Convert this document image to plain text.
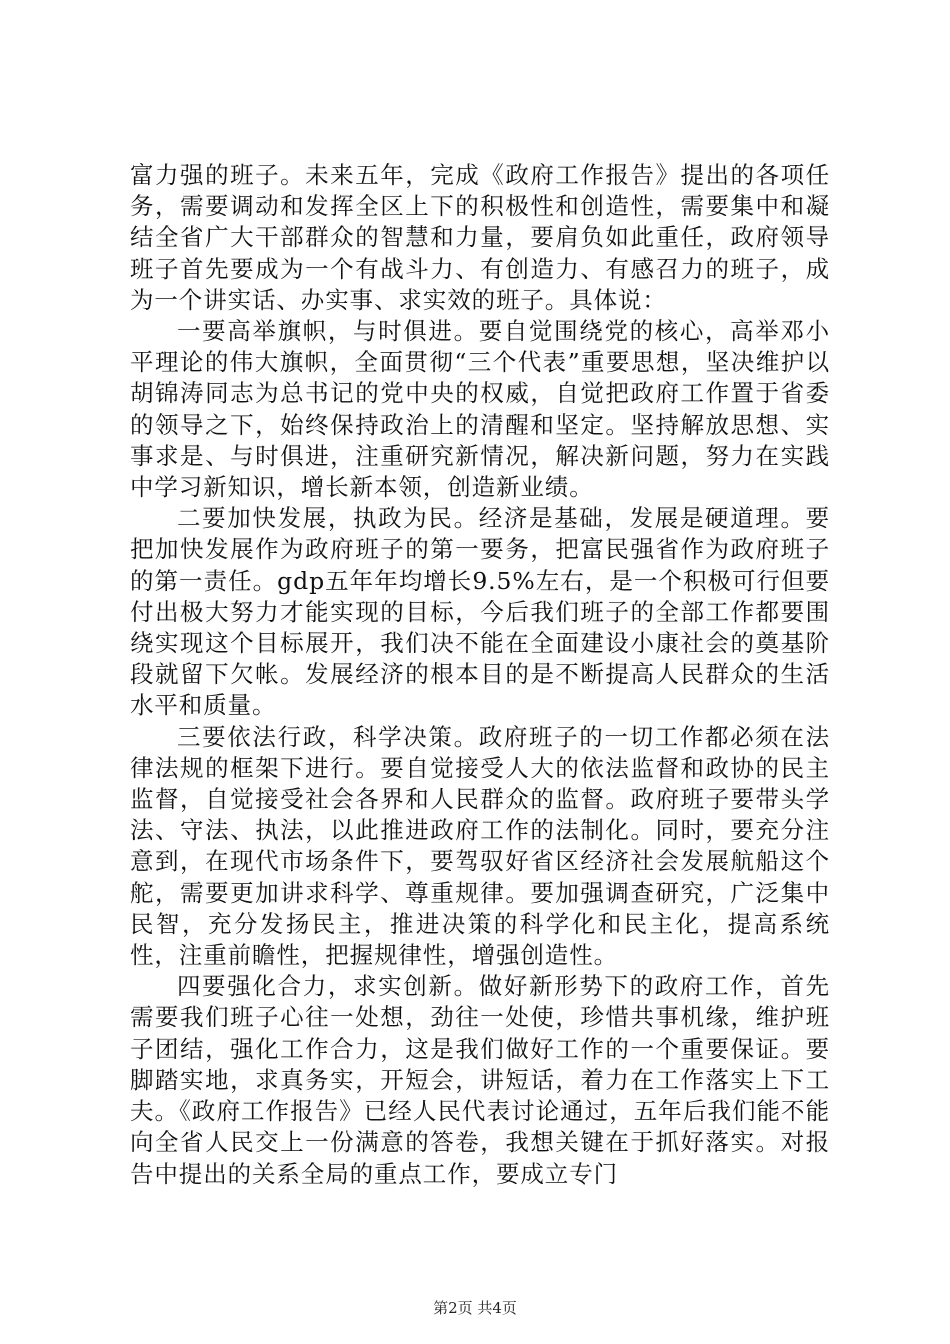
富力强的班子。未来五年，完成《政府工作报告》提出的各项任务，需要调动和发挥全区上下的积极性和创造性，需要集中和凝结全省广大干部群众的智慧和力量，要肩负如此重任，政府领导班子首先要成为一个有战斗力、有创造力、有感召力的班子，成为一个讲实话、办实事、求实效的班子。具体说：

一要高举旗帜，与时俱进。要自觉围绕党的核心，高举邓小平理论的伟大旗帜，全面贯彻“三个代表”重要思想，坚决维护以胡锦涛同志为总书记的党中央的权威，自觉把政府工作置于省委的领导之下，始终保持政治上的清醒和坚定。坚持解放思想、实事求是、与时俱进，注重研究新情况，解决新问题，努力在实践中学习新知识，增长新本领，创造新业绩。

二要加快发展，执政为民。经济是基础，发展是硬道理。要把加快发展作为政府班子的第一要务，把富民强省作为政府班子的第一责任。gdp五年年均增长9.5%左右，是一个积极可行但要付出极大努力才能实现的目标，今后我们班子的全部工作都要围绕实现这个目标展开，我们决不能在全面建设小康社会的奠基阶段就留下欠帐。发展经济的根本目的是不断提高人民群众的生活水平和质量。

三要依法行政，科学决策。政府班子的一切工作都必须在法律法规的框架下进行。要自觉接受人大的依法监督和政协的民主监督，自觉接受社会各界和人民群众的监督。政府班子要带头学法、守法、执法，以此推进政府工作的法制化。同时，要充分注意到，在现代市场条件下，要驾驭好省区经济社会发展航船这个舵，需要更加讲求科学、尊重规律。要加强调查研究，广泛集中民智，充分发扬民主，推进决策的科学化和民主化，提高系统性，注重前瞻性，把握规律性，增强创造性。

四要强化合力，求实创新。做好新形势下的政府工作，首先需要我们班子心往一处想，劲往一处使，珍惜共事机缘，维护班子团结，强化工作合力，这是我们做好工作的一个重要保证。要脚踏实地，求真务实，开短会，讲短话，着力在工作落实上下工夫。《政府工作报告》已经人民代表讨论通过，五年后我们能不能向全省人民交上一份满意的答卷，我想关键在于抓好落实。对报告中提出的关系全局的重点工作，要成立专门

第2页 共4页
